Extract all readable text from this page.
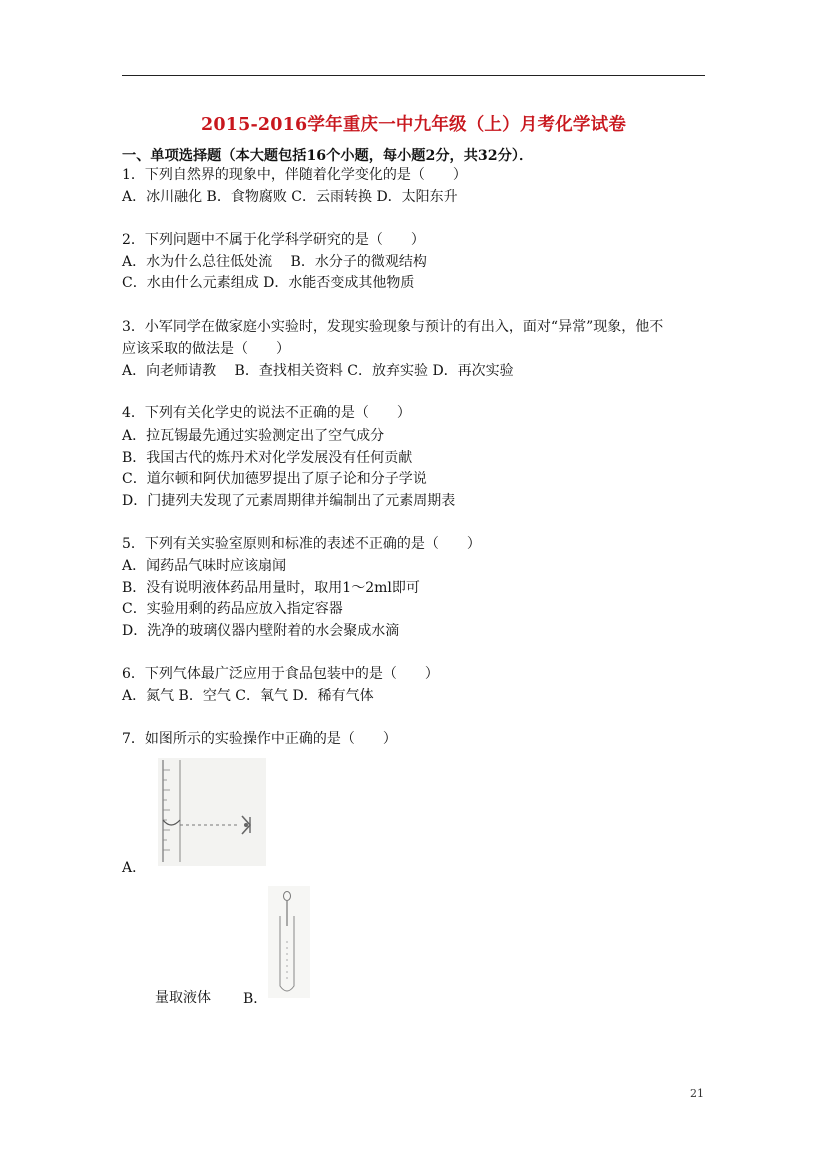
2015-2016学年重庆一中九年级（上）月考化学试卷
一、单项选择题（本大题包括16个小题，每小题2分，共32分）．
1．下列自然界的现象中，伴随着化学变化的是（　　）
A．冰川融化 B．食物腐败 C．云雨转换 D．太阳东升
2．下列问题中不属于化学科学研究的是（　　）
A．水为什么总往低处流　 B．水分子的微观结构
C．水由什么元素组成 D．水能否变成其他物质
3．小军同学在做家庭小实验时，发现实验现象与预计的有出入，面对“异常”现象，他不
应该采取的做法是（　　）
A．向老师请教　 B．查找相关资料 C．放弃实验 D．再次实验
4．下列有关化学史的说法不正确的是（　　）
A．拉瓦锡最先通过实验测定出了空气成分
B．我国古代的炼丹术对化学发展没有任何贡献
C．道尔顿和阿伏加德罗提出了原子论和分子学说
D．门捷列夫发现了元素周期律并编制出了元素周期表
5．下列有关实验室原则和标准的表述不正确的是（　　）
A．闻药品气味时应该扇闻
B．没有说明液体药品用量时，取用1～2ml即可
C．实验用剩的药品应放入指定容器
D．洗净的玻璃仪器内壁附着的水会聚成水滴
6．下列气体最广泛应用于食品包装中的是（　　）
A．氮气 B．空气 C．氧气 D．稀有气体
7．如图所示的实验操作中正确的是（　　）
A．
量取液体 B．
21
